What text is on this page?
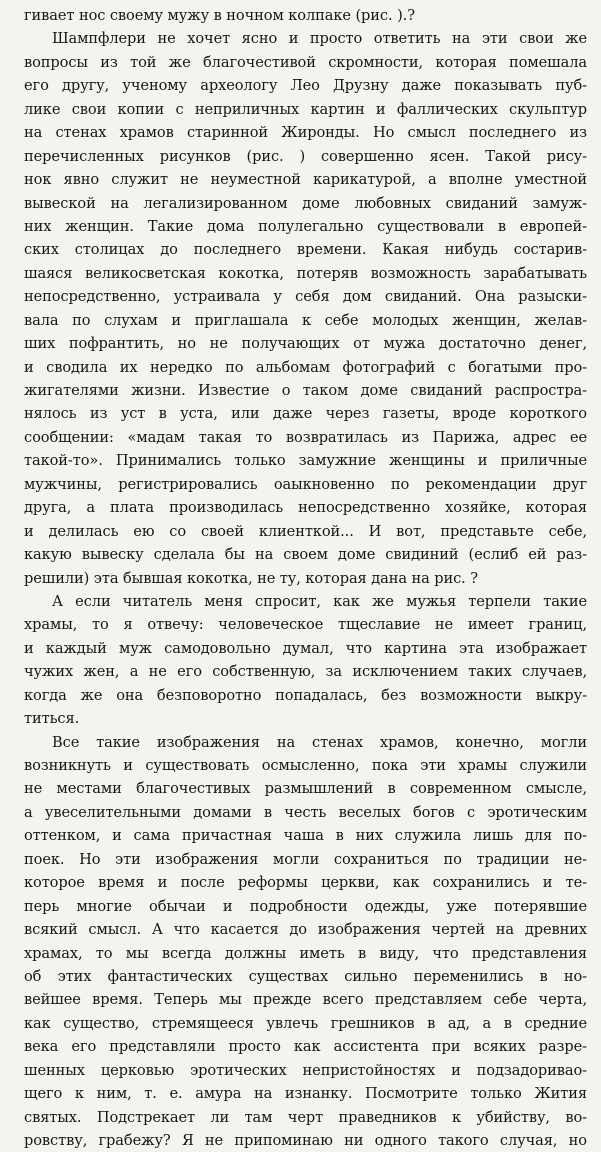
гивает нос своему мужу в ночном колпаке (рис. ).?
Шампфлери не хочет ясно и просто ответить на эти свои же
вопросы из той же благочестивой скромности, которая помешала
его другу, ученому археологу Лео Друзну даже показывать пуб-
лике свои копии с неприличных картин и фаллических скульптур
на стенах храмов старинной Жиронды. Но смысл последнего из
перечисленных рисунков (рис. ) совершенно ясен. Такой рису-
нок явно служит не неуместной карикатурой, а вполне уместной
вывеской на легализированном доме любовных свиданий замуж-
них женщин. Такие дома полулегально существовали в европей-
ских столицах до последнего времени. Какая нибудь состарив-
шаяся великосветская кокотка, потеряв возможность зарабатывать
непосредственно, устраивала у себя дом свиданий. Она разыски-
вала по слухам и приглашала к себе молодых женщин, желав-
ших пофрантить, но не получающих от мужа достаточно денег,
и сводила их нередко по альбомам фотографий с богатыми про-
жигателями жизни. Известие о таком доме свиданий распростра-
нялось из уст в уста, или даже через газеты, вроде короткого
сообщении: «мадам такая то возвратилась из Парижа, адрес ее
такой-то». Принимались только замужние женщины и приличные
мужчины, регистрировались оаыкновенно по рекомендации друг
друга, а плата производилась непосредственно хозяйке, которая
и делилась ею со своей клиенткой... И вот, представьте себе,
какую вывеску сделала бы на своем доме свидиний (еслиб ей раз-
решили) эта бывшая кокотка, не ту, которая дана на рис. ?
А если читатель меня спросит, как же мужья терпели такие
храмы, то я отвечу: человеческое тщеславие не имеет границ,
и каждый муж самодовольно думал, что картина эта изображает
чужих жен, а не его собственную, за исключением таких случаев,
когда же она безповоротно попадалась, без возможности выкру-
титься.
Все такие изображения на стенах храмов, конечно, могли
возникнуть и существовать осмысленно, пока эти храмы служили
не местами благочестивых размышлений в современном смысле,
а увеселительными домами в честь веселых богов с эротическим
оттенком, и сама причастная чаша в них служила лишь для по-
поек. Но эти изображения могли сохраниться по традиции не-
которое время и после реформы церкви, как сохранились и те-
перь многие обычаи и подробности одежды, уже потерявшие
всякий смысл. А что касается до изображения чертей на древних
храмах, то мы всегда должны иметь в виду, что представления
об этих фантастических существах сильно переменились в но-
вейшее время. Теперь мы прежде всего представляем себе черта,
как существо, стремящееся увлечь грешников в ад, а в средние
века его представляли просто как ассистента при всяких разре-
шенных церковью эротических непристойностях и подзадоривао-
щего к ним, т. е. амура на изнанку. Посмотрите только Жития
святых. Подстрекает ли там черт праведников к убийству, во-
ровству, грабежу? Я не припоминаю ни одного такого случая, но
